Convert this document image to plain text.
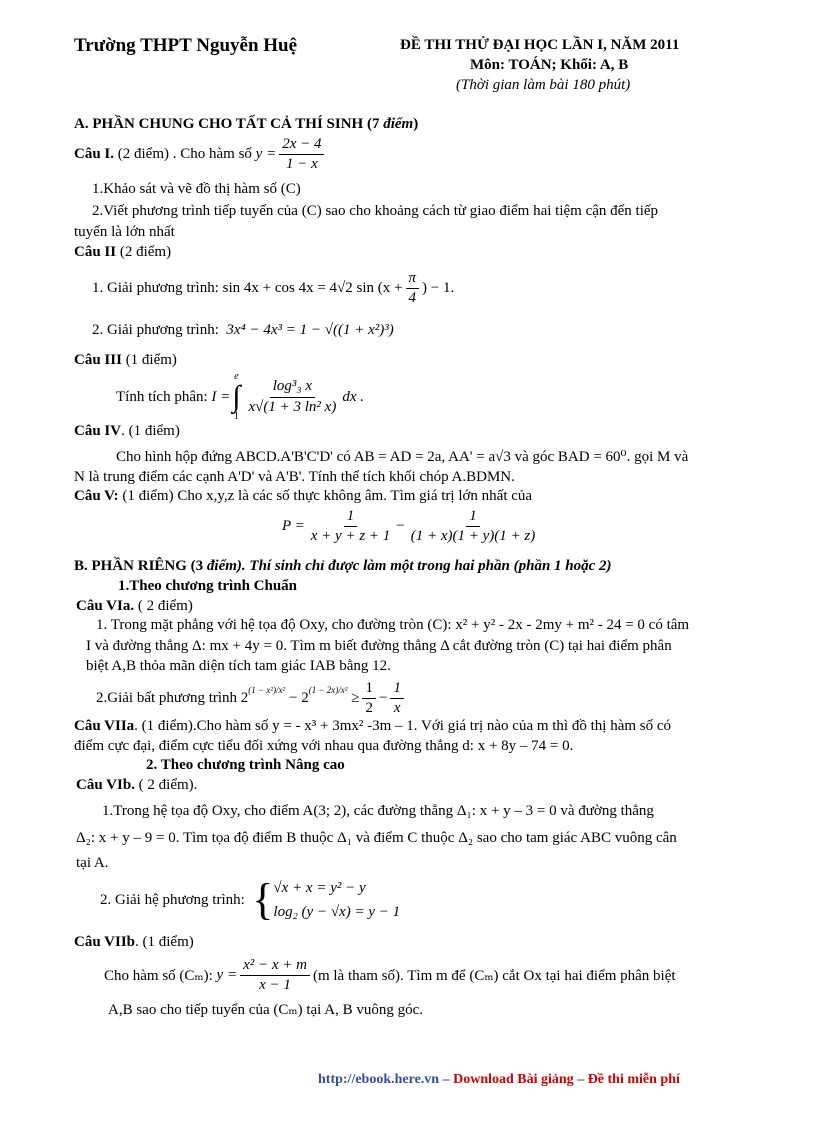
Trường THPT Nguyễn Huệ	ĐỀ THI THỬ ĐẠI HỌC LẦN I, NĂM 2011
Môn: TOÁN; Khối: A, B
(Thời gian làm bài 180 phút)
A. PHẦN CHUNG CHO TẤT CẢ THÍ SINH (7 điểm)
Câu I.
(2 điểm) . Cho hàm số
$y = \frac{2x - 4}{1 - x}$
1.Khảo sát và vẽ đồ thị hàm số (C)
2.Viết phương trình tiếp tuyến của (C) sao cho khoảng cách từ giao điểm hai tiệm cận đến tiếp
tuyến là lớn nhất
Câu II (2 điểm)
1. Giải phương trình:
sin 4x + cos 4x = 4√2 $\sin (x + \frac{\pi}{4}$ ) − 1.
2. Giải phương trình: 3x⁴ − 4x³ = 1 − √((1 + x²)³)
Câu III (1 điểm)
Tính tích phân:
I =
e
∫
1
$\frac{\text{log³₃ x}}{\text{x√(1 + 3 ln² x)}}$ dx .
Câu IV. (1 điểm)
Cho hình hộp đứng ABCD.A'B'C'D' có AB = AD = 2a, AA' = a√3 và góc BAD = 60⁰. gọi M và
N là trung điểm các cạnh A'D' và A'B'. Tính thể tích khối chóp A.BDMN.
Câu V: (1 điểm) Cho x,y,z là các số thực không âm. Tìm giá trị lớn nhất của
$P = \frac{1}{x + y + z + 1} - \frac{1}{(1 + x)(1 + y)(1 + z)}$
B. PHẦN RIÊNG (3 điểm). Thí sinh chỉ được làm một trong hai phần (phần 1 hoặc 2)
1.Theo chương trình Chuẩn
Câu VIa. ( 2 điểm)
1. Trong mặt phẳng với hệ tọa độ Oxy, cho đường tròn (C): x² + y² - 2x - 2my + m² - 24 = 0 có tâm
I và đường thẳng Δ: mx + 4y = 0. Tìm m biết đường thẳng Δ cắt đường tròn (C) tại hai điểm phân
biệt A,B thỏa mãn diện tích tam giác IAB bằng 12.
2.Giải bất phương trình
2
(1 − x²)/x²

−
2
(1 − 2x)/x²

≥ $\frac{1}{2} - \frac{1}{x}$
Câu VIIa. (1 điểm).Cho hàm số y = - x³ + 3mx² -3m – 1. Với giá trị nào của m thì đồ thị hàm số có
điểm cực đại, điểm cực tiểu đối xứng với nhau qua đường thẳng d: x + 8y – 74 = 0.
2. Theo chương trình Nâng cao
Câu VIb. ( 2 điểm).
1.Trong hệ tọa độ Oxy, cho điểm A(3; 2), các đường thẳng Δ₁: x + y – 3 = 0 và đường thẳng
Δ₂: x + y – 9 = 0. Tìm tọa độ điểm B thuộc Δ₁ và điểm C thuộc Δ₂ sao cho tam giác ABC vuông cân
tại A.
2. Giải hệ phương trình:
{ √x + x = y² − y
log₂ (y − √x) = y − 1
Câu VIIb. (1 điểm)
Cho hàm số (Cₘ):
$y = \frac{\text{x² − x + m}}{x - 1} (m$ là tham số). Tìm m để (Cₘ) cắt Ox tại hai điểm phân biệt
A,B sao cho tiếp tuyến của (Cₘ) tại A, B vuông góc.
http://ebook.here.vn – Download Bài giảng – Đề thi miễn phí
